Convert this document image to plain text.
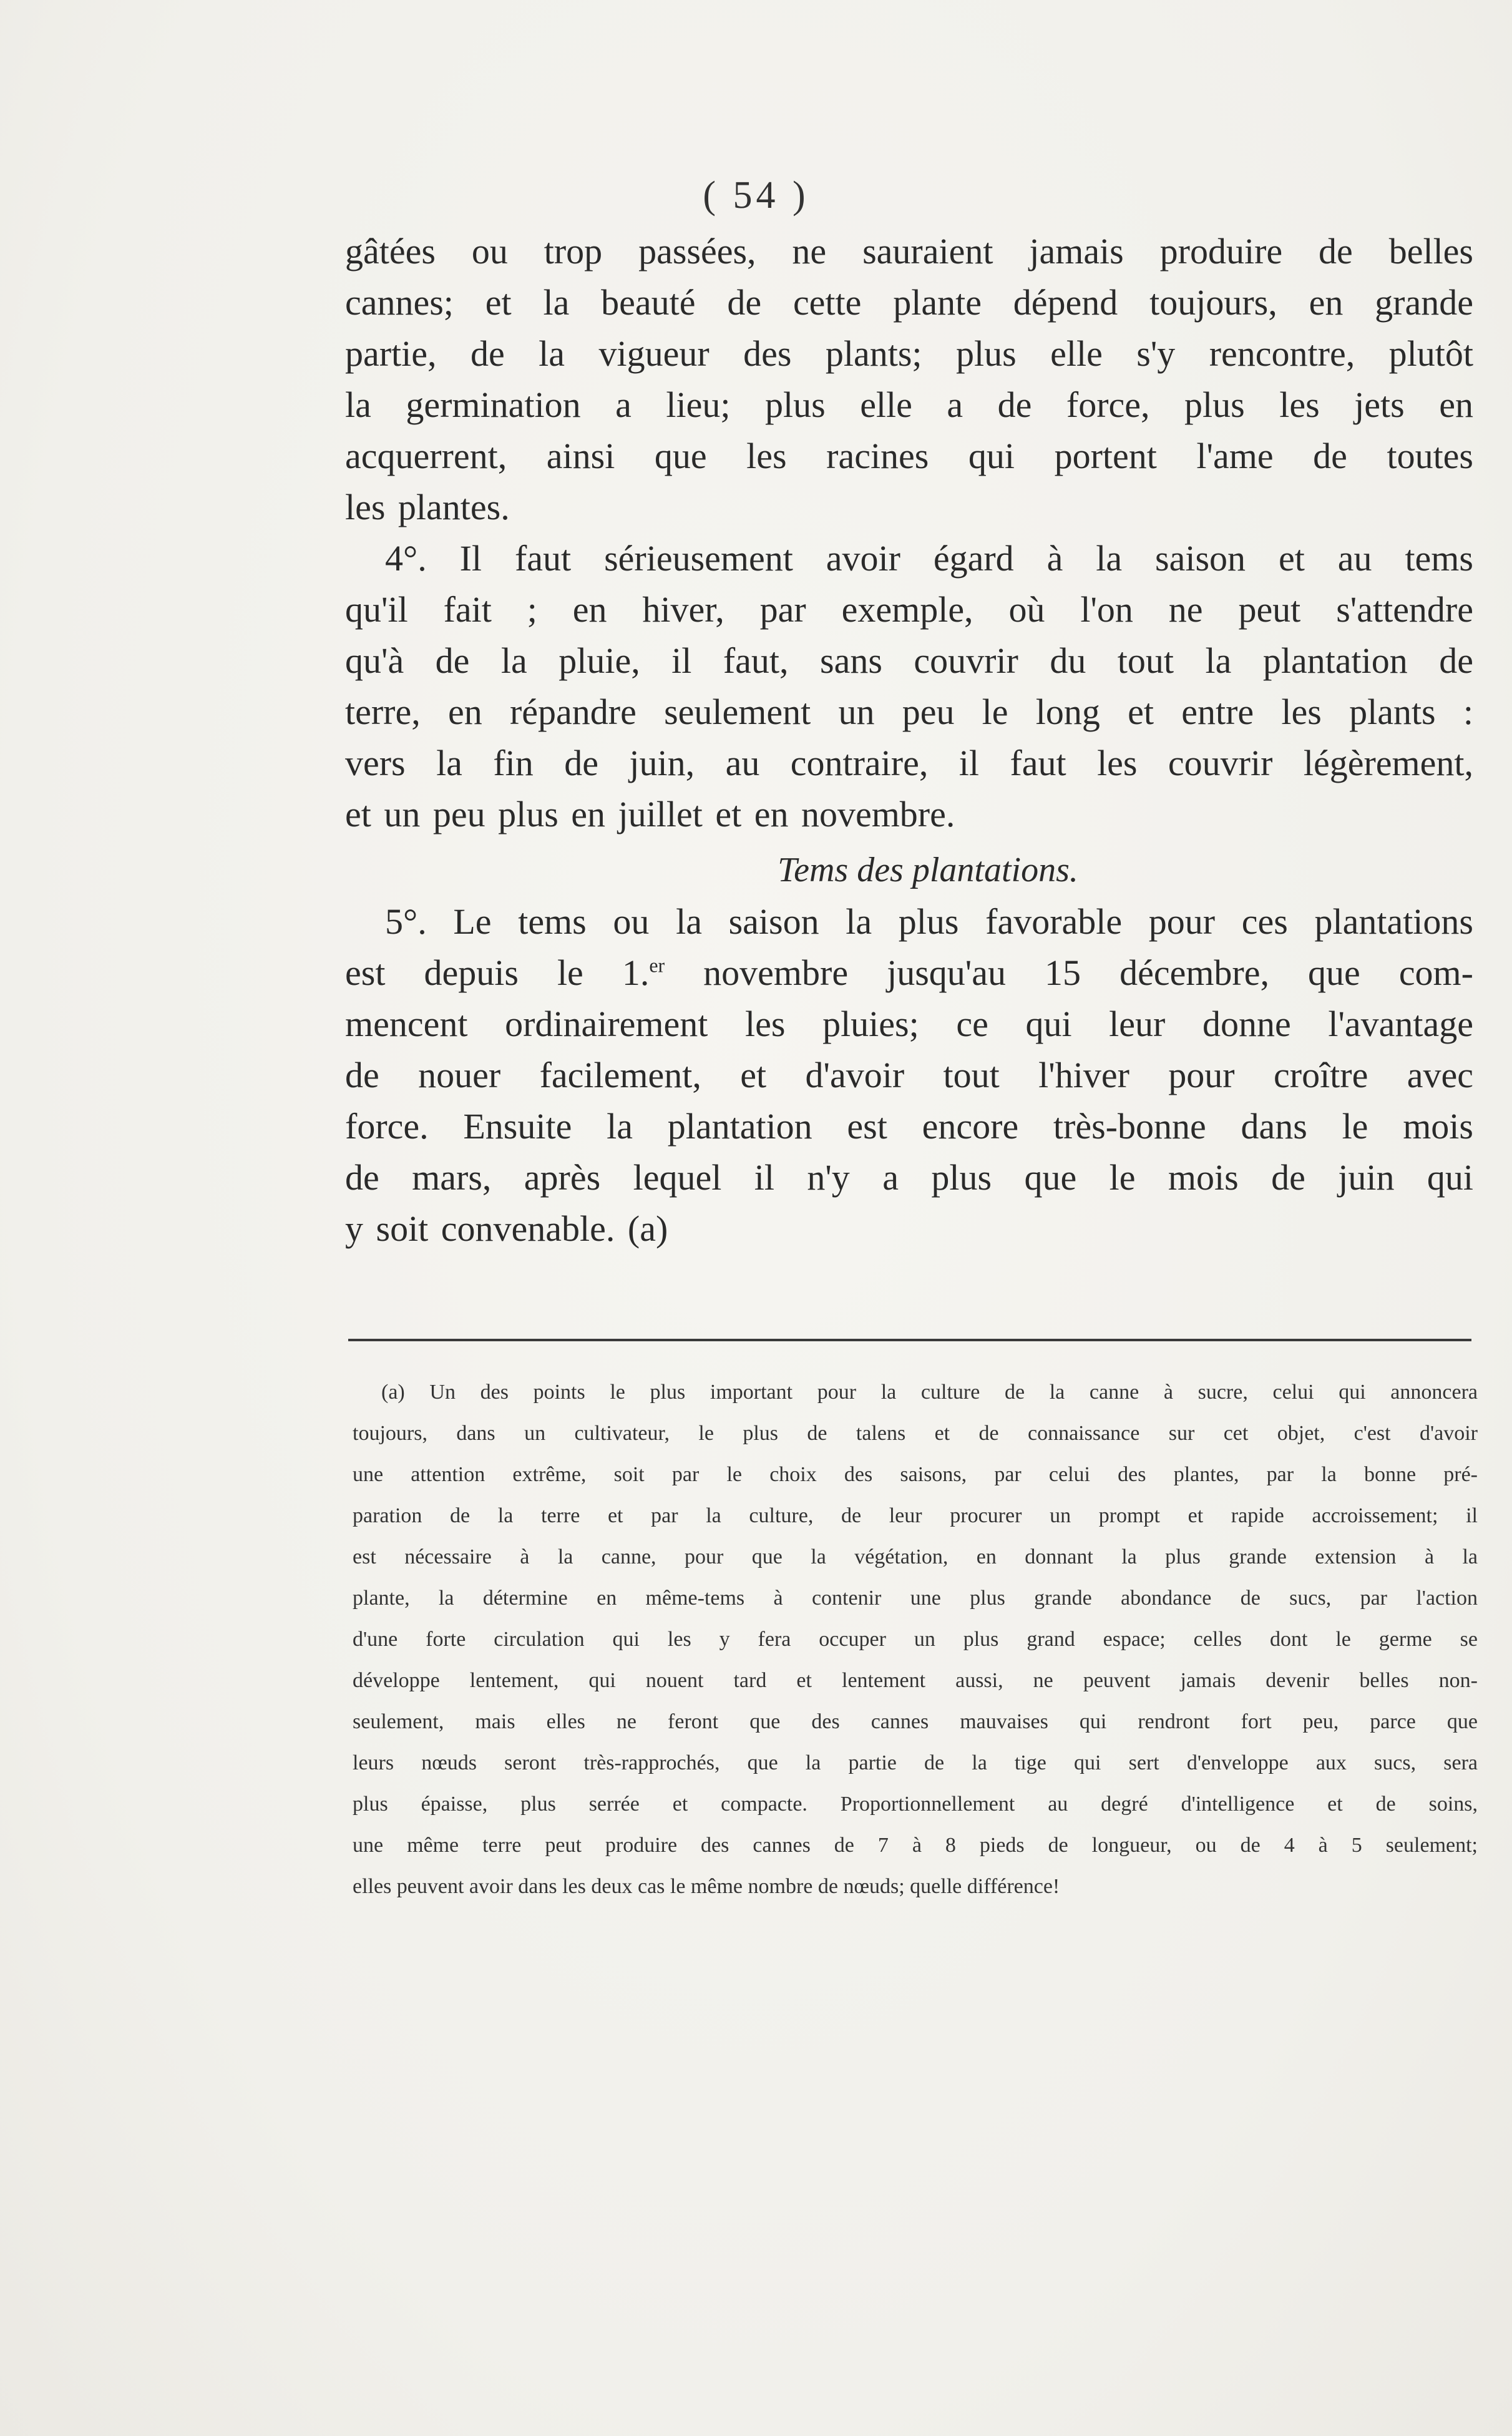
( 54 )
gâtées ou trop passées, ne sauraient jamais produire de belles
cannes; et la beauté de cette plante dépend toujours, en grande
partie, de la vigueur des plants; plus elle s'y rencontre, plutôt
la germination a lieu; plus elle a de force, plus les jets en
acquerrent, ainsi que les racines qui portent l'ame de toutes
les plantes.
4°. Il faut sérieusement avoir égard à la saison et au tems
qu'il fait ; en hiver, par exemple, où l'on ne peut s'attendre
qu'à de la pluie, il faut, sans couvrir du tout la plantation de
terre, en répandre seulement un peu le long et entre les plants :
vers la fin de juin, au contraire, il faut les couvrir légèrement,
et un peu plus en juillet et en novembre.
Tems des plantations.
5°. Le tems ou la saison la plus favorable pour ces plantations
est depuis le 1.$^{er}$ novembre jusqu'au 15 décembre, que com-
mencent ordinairement les pluies; ce qui leur donne l'avantage
de nouer facilement, et d'avoir tout l'hiver pour croître avec
force. Ensuite la plantation est encore très-bonne dans le mois
de mars, après lequel il n'y a plus que le mois de juin qui
y soit convenable. (a)
(a) Un des points le plus important pour la culture de la canne à sucre, celui qui annoncera
toujours, dans un cultivateur, le plus de talens et de connaissance sur cet objet, c'est d'avoir
une attention extrême, soit par le choix des saisons, par celui des plantes, par la bonne pré-
paration de la terre et par la culture, de leur procurer un prompt et rapide accroissement; il
est nécessaire à la canne, pour que la végétation, en donnant la plus grande extension à la
plante, la détermine en même-tems à contenir une plus grande abondance de sucs, par l'action
d'une forte circulation qui les y fera occuper un plus grand espace; celles dont le germe se
développe lentement, qui nouent tard et lentement aussi, ne peuvent jamais devenir belles non-
seulement, mais elles ne feront que des cannes mauvaises qui rendront fort peu, parce que
leurs nœuds seront très-rapprochés, que la partie de la tige qui sert d'enveloppe aux sucs, sera
plus épaisse, plus serrée et compacte. Proportionnellement au degré d'intelligence et de soins,
une même terre peut produire des cannes de 7 à 8 pieds de longueur, ou de 4 à 5 seulement;
elles peuvent avoir dans les deux cas le même nombre de nœuds; quelle différence!
